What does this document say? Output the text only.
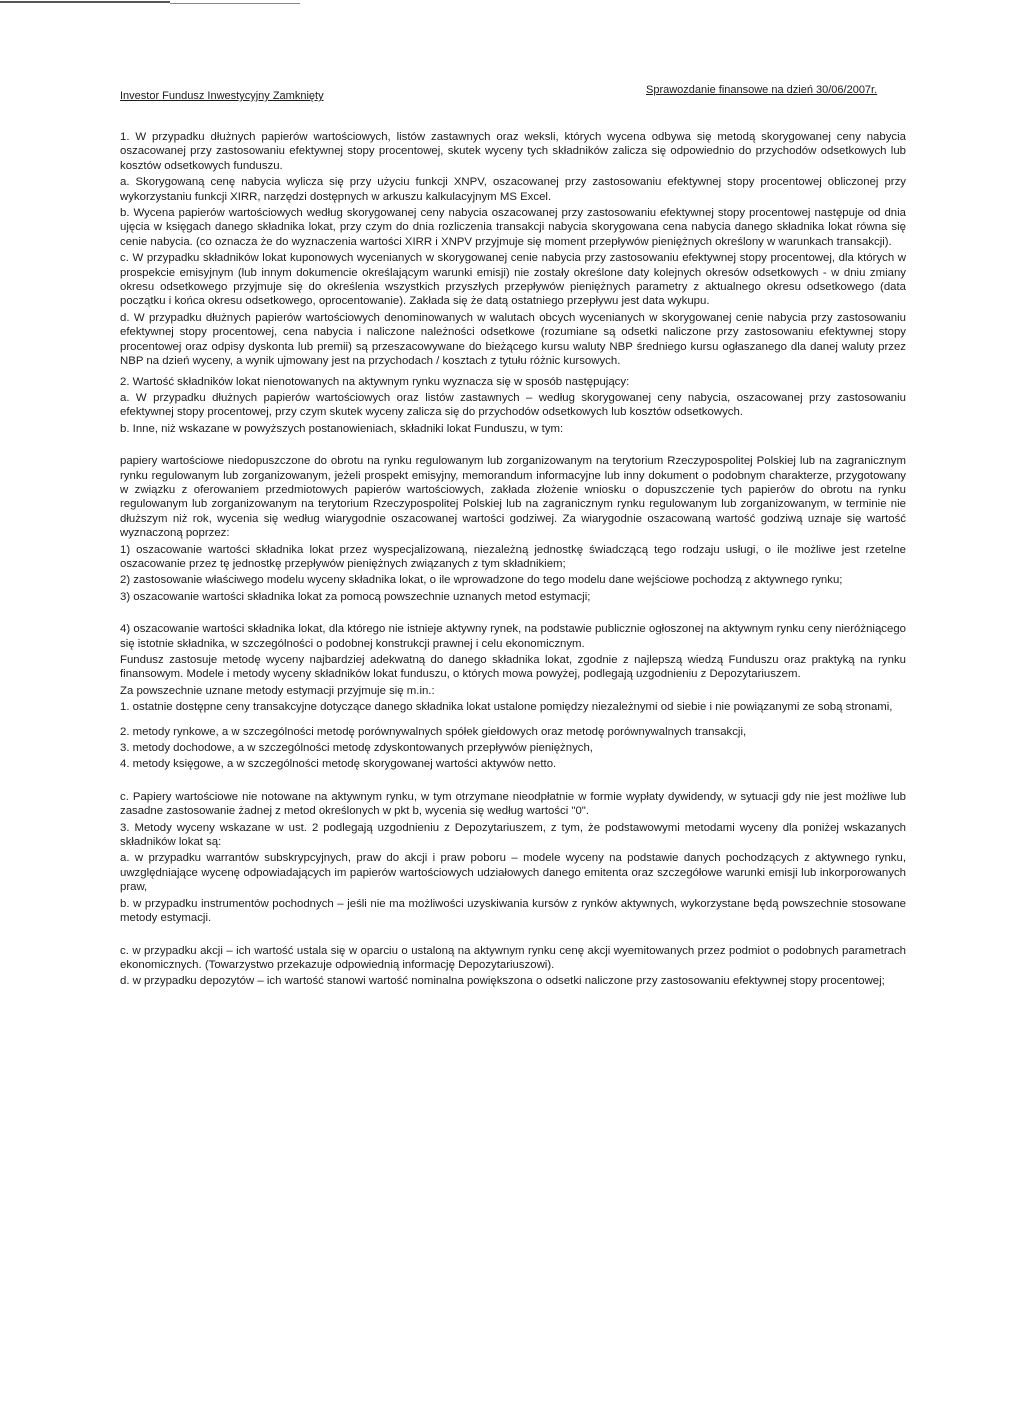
Investor Fundusz Inwestycyjny Zamknięty	Sprawozdanie finansowe na dzień 30/06/2007r.

1. W przypadku dłużnych papierów wartościowych, listów zastawnych oraz weksli, których wycena odbywa się metodą skorygowanej ceny nabycia oszacowanej przy zastosowaniu efektywnej stopy procentowej, skutek wyceny tych składników zalicza się odpowiednio do przychodów odsetkowych lub kosztów odsetkowych funduszu.

a. Skorygowaną cenę nabycia wylicza się przy użyciu funkcji XNPV, oszacowanej przy zastosowaniu efektywnej stopy procentowej obliczonej przy wykorzystaniu funkcji XIRR, narzędzi dostępnych w arkuszu kalkulacyjnym MS Excel.

b. Wycena papierów wartościowych według skorygowanej ceny nabycia oszacowanej przy zastosowaniu efektywnej stopy procentowej następuje od dnia ujęcia w księgach danego składnika lokat, przy czym do dnia rozliczenia transakcji nabycia skorygowana cena nabycia danego składnika lokat równa się cenie nabycia. (co oznacza że do wyznaczenia wartości XIRR i XNPV przyjmuje się moment przepływów pieniężnych określony w warunkach transakcji).

c. W przypadku składników lokat kuponowych wycenianych w skorygowanej cenie nabycia przy zastosowaniu efektywnej stopy procentowej, dla których w prospekcie emisyjnym (lub innym dokumencie określającym warunki emisji) nie zostały określone daty kolejnych okresów odsetkowych - w dniu zmiany okresu odsetkowego przyjmuje się do określenia wszystkich przyszłych przepływów pieniężnych parametry z aktualnego okresu odsetkowego (data początku i końca okresu odsetkowego, oprocentowanie). Zakłada się że datą ostatniego przepływu jest data wykupu.

d. W przypadku dłużnych papierów wartościowych denominowanych w walutach obcych wycenianych w skorygowanej cenie nabycia przy zastosowaniu efektywnej stopy procentowej, cena nabycia i naliczone należności odsetkowe (rozumiane są odsetki naliczone przy zastosowaniu efektywnej stopy procentowej oraz odpisy dyskonta lub premii) są przeszacowywane do bieżącego kursu waluty NBP średniego kursu ogłaszanego dla danej waluty przez NBP na dzień wyceny, a wynik ujmowany jest na przychodach / kosztach z tytułu różnic kursowych.

2. Wartość składników lokat nienotowanych na aktywnym rynku wyznacza się w sposób następujący:

a. W przypadku dłużnych papierów wartościowych oraz listów zastawnych – według skorygowanej ceny nabycia, oszacowanej przy zastosowaniu efektywnej stopy procentowej, przy czym skutek wyceny zalicza się do przychodów odsetkowych lub kosztów odsetkowych.

b. Inne, niż wskazane w powyższych postanowieniach, składniki lokat Funduszu, w tym:

papiery wartościowe niedopuszczone do obrotu na rynku regulowanym lub zorganizowanym na terytorium Rzeczypospolitej Polskiej lub na zagranicznym rynku regulowanym lub zorganizowanym, jeżeli prospekt emisyjny, memorandum informacyjne lub inny dokument o podobnym charakterze, przygotowany w związku z oferowaniem przedmiotowych papierów wartościowych, zakłada złożenie wniosku o dopuszczenie tych papierów do obrotu na rynku regulowanym lub zorganizowanym na terytorium Rzeczypospolitej Polskiej lub na zagranicznym rynku regulowanym lub zorganizowanym, w terminie nie dłuższym niż rok, wycenia się według wiarygodnie oszacowanej wartości godziwej. Za wiarygodnie oszacowaną wartość godziwą uznaje się wartość wyznaczoną poprzez:

1) oszacowanie wartości składnika lokat przez wyspecjalizowaną, niezależną jednostkę świadczącą tego rodzaju usługi, o ile możliwe jest rzetelne oszacowanie przez tę jednostkę przepływów pieniężnych związanych z tym składnikiem;

2) zastosowanie właściwego modelu wyceny składnika lokat, o ile wprowadzone do tego modelu dane wejściowe pochodzą z aktywnego rynku;

3) oszacowanie wartości składnika lokat za pomocą powszechnie uznanych metod estymacji;

4) oszacowanie wartości składnika lokat, dla którego nie istnieje aktywny rynek, na podstawie publicznie ogłoszonej na aktywnym rynku ceny nieróżniącego się istotnie składnika, w szczególności o podobnej konstrukcji prawnej i celu ekonomicznym.

Fundusz zastosuje metodę wyceny najbardziej adekwatną do danego składnika lokat, zgodnie z najlepszą wiedzą Funduszu oraz praktyką na rynku finansowym. Modele i metody wyceny składników lokat funduszu, o których mowa powyżej, podlegają uzgodnieniu z Depozytariuszem.

Za powszechnie uznane metody estymacji przyjmuje się m.in.:

1. ostatnie dostępne ceny transakcyjne dotyczące danego składnika lokat ustalone pomiędzy niezależnymi od siebie i nie powiązanymi ze sobą stronami,

2. metody rynkowe, a w szczególności metodę porównywalnych spółek giełdowych oraz metodę porównywalnych transakcji,

3. metody dochodowe, a w szczególności metodę zdyskontowanych przepływów pieniężnych,

4. metody księgowe, a w szczególności metodę skorygowanej wartości aktywów netto.

c. Papiery wartościowe nie notowane na aktywnym rynku, w tym otrzymane nieodpłatnie w formie wypłaty dywidendy, w sytuacji gdy nie jest możliwe lub zasadne zastosowanie żadnej z metod określonych w pkt b, wycenia się według wartości "0".

3. Metody wyceny wskazane w ust. 2 podlegają uzgodnieniu z Depozytariuszem, z tym, że podstawowymi metodami wyceny dla poniżej wskazanych składników lokat są:

a. w przypadku warrantów subskrypcyjnych, praw do akcji i praw poboru – modele wyceny na podstawie danych pochodzących z aktywnego rynku, uwzględniające wycenę odpowiadających im papierów wartościowych udziałowych danego emitenta oraz szczegółowe warunki emisji lub inkorporowanych praw,

b. w przypadku instrumentów pochodnych – jeśli nie ma możliwości uzyskiwania kursów z rynków aktywnych, wykorzystane będą powszechnie stosowane metody estymacji.

c. w przypadku akcji – ich wartość ustala się w oparciu o ustaloną na aktywnym rynku cenę akcji wyemitowanych przez podmiot o podobnych parametrach ekonomicznych. (Towarzystwo przekazuje odpowiednią informację Depozytariuszowi).

d. w przypadku depozytów – ich wartość stanowi wartość nominalna powiększona o odsetki naliczone przy zastosowaniu efektywnej stopy procentowej;
